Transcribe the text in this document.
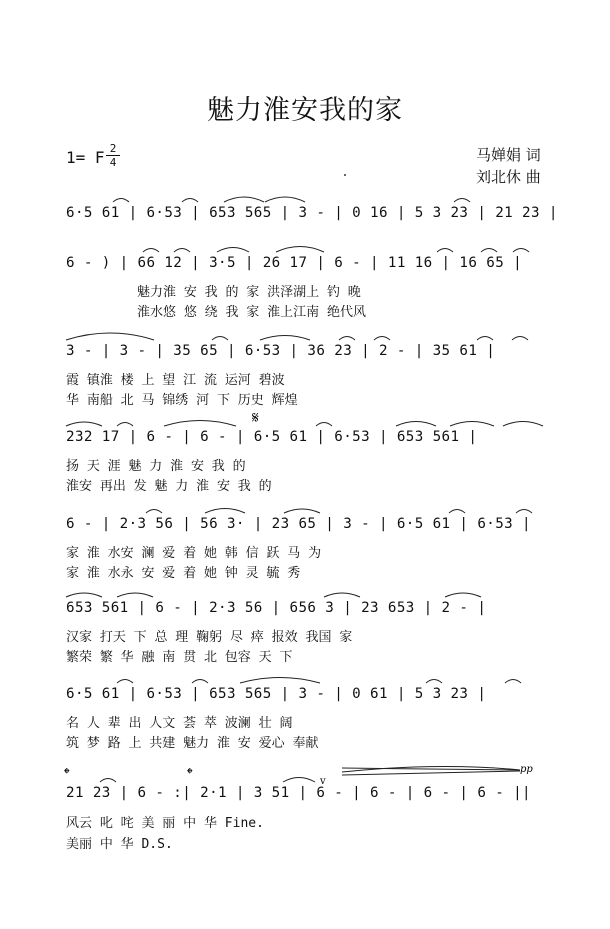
魅力淮安我的家
1= F 2
4	马婵娟 词
刘北休 曲
6·5 61 | 6·53 | 653 565 | 3 - | 0 16 | 5 3 23 | 21 23 |
6 - ) | 66 12 | 3·5 | 26 17 | 6 - | 11 16 | 16 65 |
魅力淮 安 我 的 家 洪泽湖上 钓 晚
淮水悠 悠 绕 我 家 淮上江南 绝代风
3 - | 3 - | 35 65 | 6·53 | 36 23 | 2 - | 35 61 |
霞 镇淮 楼 上 望 江 流 运河 碧波
华 南船 北 马 锦绣 河 下 历史 辉煌
232 17 | 6 - | 6 - | 6·5 61 | 6·53 | 653 561 |
扬 天 涯 魅 力 淮 安 我 的
淮安 再出 发 魅 力 淮 安 我 的
6 - | 2·3 56 | 56 3· | 23 65 | 3 - | 6·5 61 | 6·53 |
家 淮 水安 澜 爱 着 她 韩 信 跃 马 为
家 淮 水永 安 爱 着 她 钟 灵 毓 秀
653 561 | 6 - | 2·3 56 | 656 3 | 23 653 | 2 - |
汉家 打天 下 总 理 鞠躬 尽 瘁 报效 我国 家
繁荣 繁 华 融 南 贯 北 包容 天 下
6·5 61 | 6·53 | 653 565 | 3 - | 0 61 | 5 3 23 |
名 人 辈 出 人文 荟 萃 波澜 壮 阔
筑 梦 路 上 共建 魅力 淮 安 爱心 奉献
21 23 | 6 - :| 2·1 | 3 51 | 6 - | 6 - | 6 - | 6 - ||
风云 叱 咤 美 丽 中 华 Fine.
美丽 中 华 D.S.
𝄌	𝄌	v
pp
𝄋
